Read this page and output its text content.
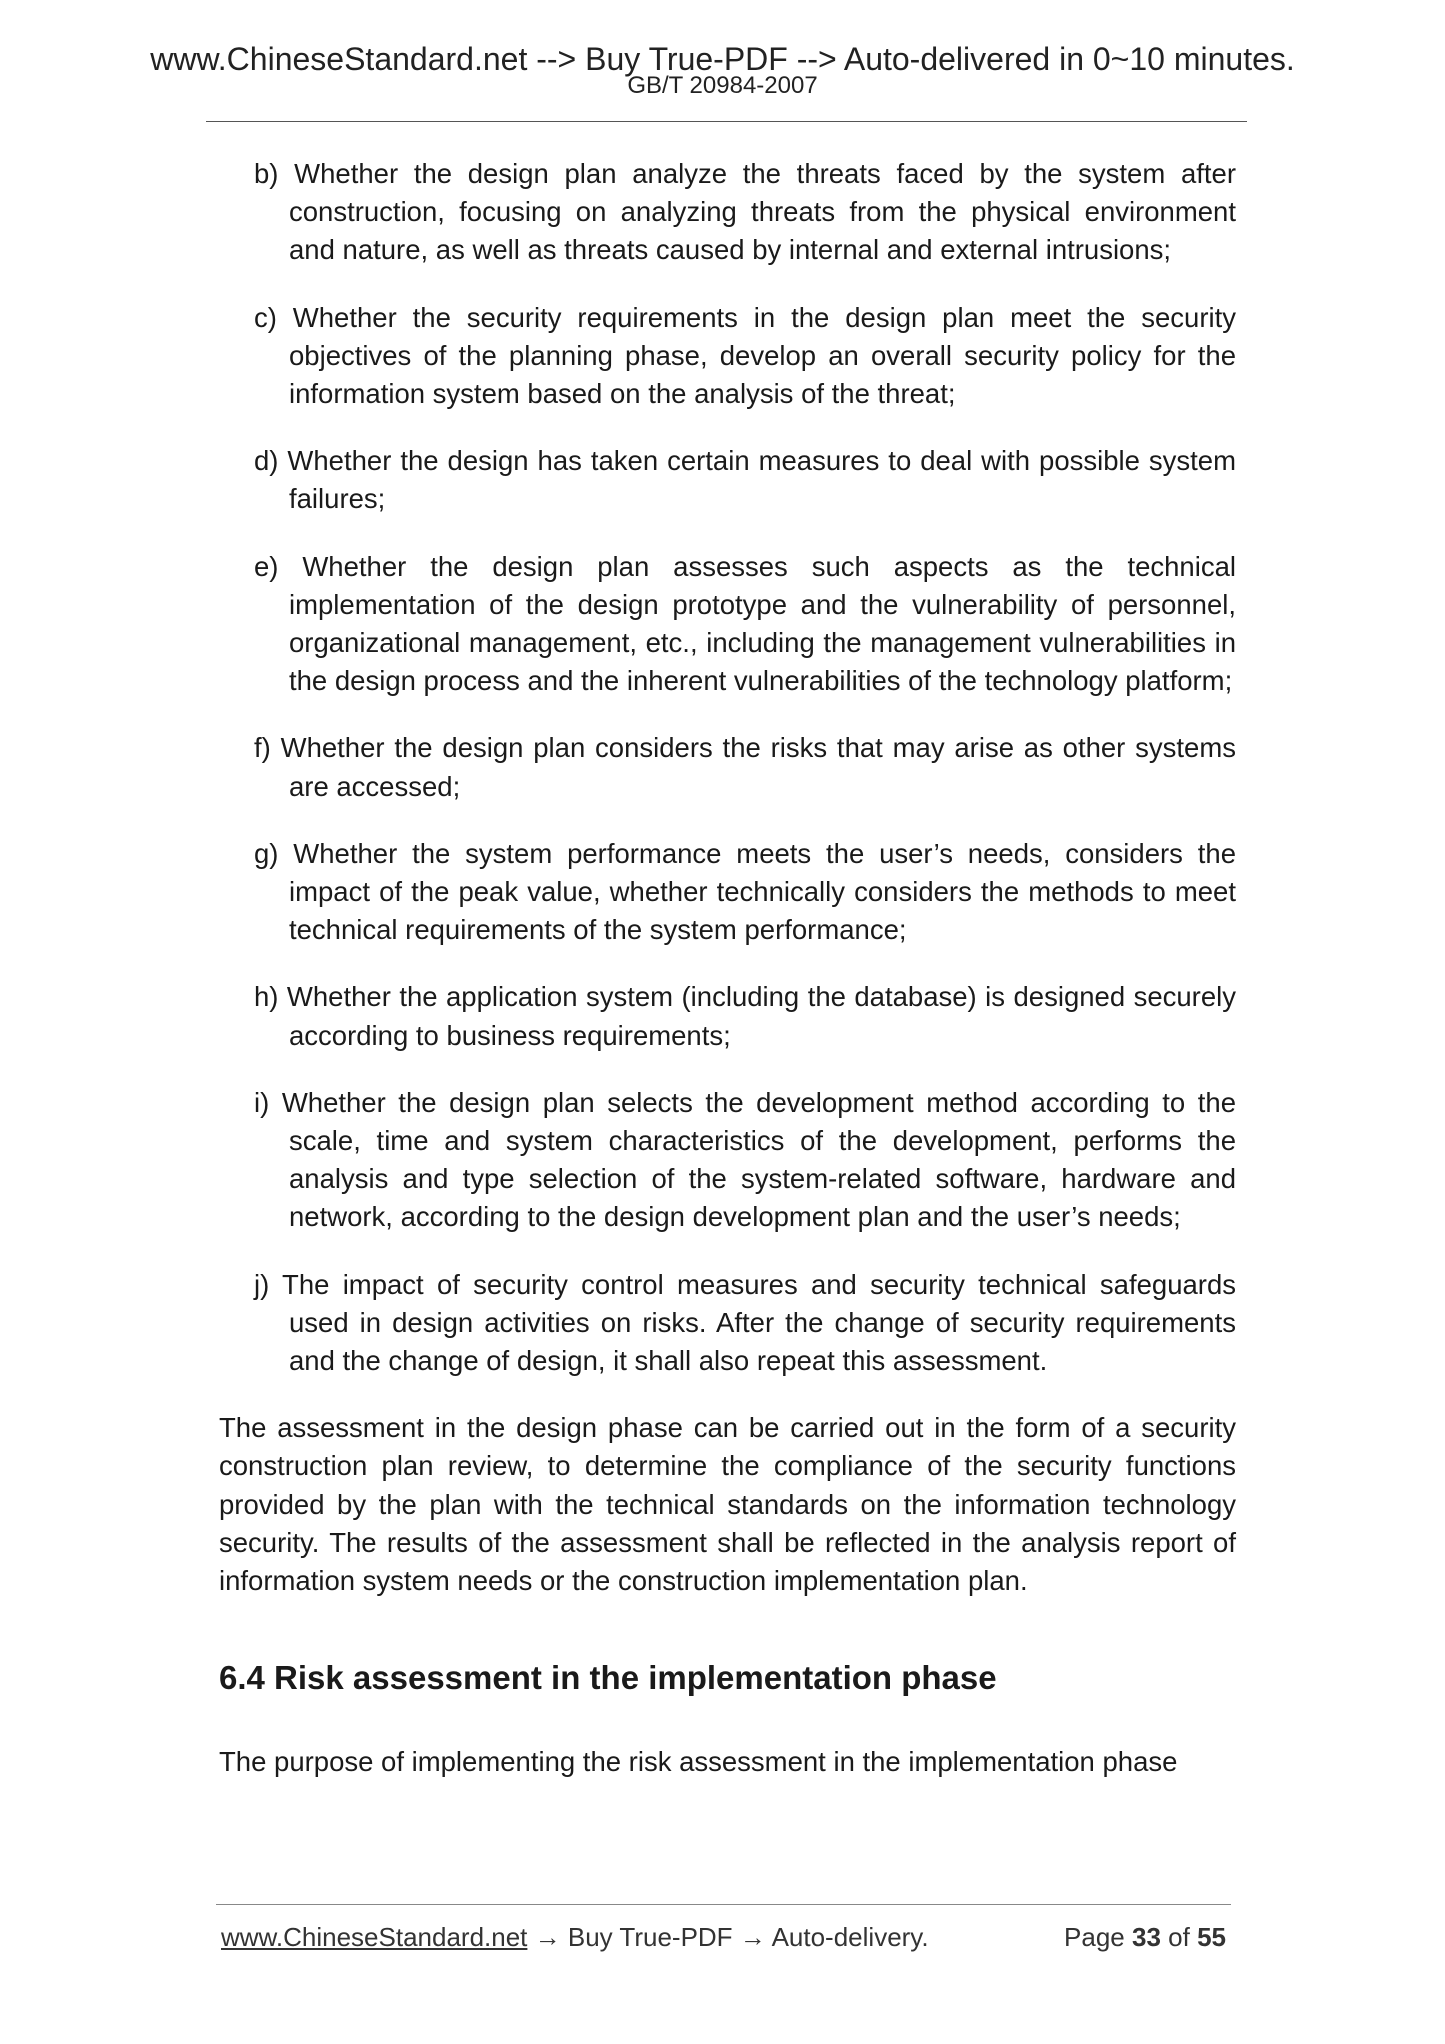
www.ChineseStandard.net --> Buy True-PDF --> Auto-delivered in 0~10 minutes.
GB/T 20984-2007

b) Whether the design plan analyze the threats faced by the system after construction, focusing on analyzing threats from the physical environment and nature, as well as threats caused by internal and external intrusions;

c) Whether the security requirements in the design plan meet the security objectives of the planning phase, develop an overall security policy for the information system based on the analysis of the threat;

d) Whether the design has taken certain measures to deal with possible system failures;

e) Whether the design plan assesses such aspects as the technical implementation of the design prototype and the vulnerability of personnel, organizational management, etc., including the management vulnerabilities in the design process and the inherent vulnerabilities of the technology platform;

f) Whether the design plan considers the risks that may arise as other systems are accessed;

g) Whether the system performance meets the user’s needs, considers the impact of the peak value, whether technically considers the methods to meet technical requirements of the system performance;

h) Whether the application system (including the database) is designed securely according to business requirements;

i) Whether the design plan selects the development method according to the scale, time and system characteristics of the development, performs the analysis and type selection of the system-related software, hardware and network, according to the design development plan and the user’s needs;

j) The impact of security control measures and security technical safeguards used in design activities on risks. After the change of security requirements and the change of design, it shall also repeat this assessment.

The assessment in the design phase can be carried out in the form of a security construction plan review, to determine the compliance of the security functions provided by the plan with the technical standards on the information technology security. The results of the assessment shall be reflected in the analysis report of information system needs or the construction implementation plan.

6.4 Risk assessment in the implementation phase

The purpose of implementing the risk assessment in the implementation phase

www.ChineseStandard.net → Buy True-PDF → Auto-delivery.	Page 33 of 55
